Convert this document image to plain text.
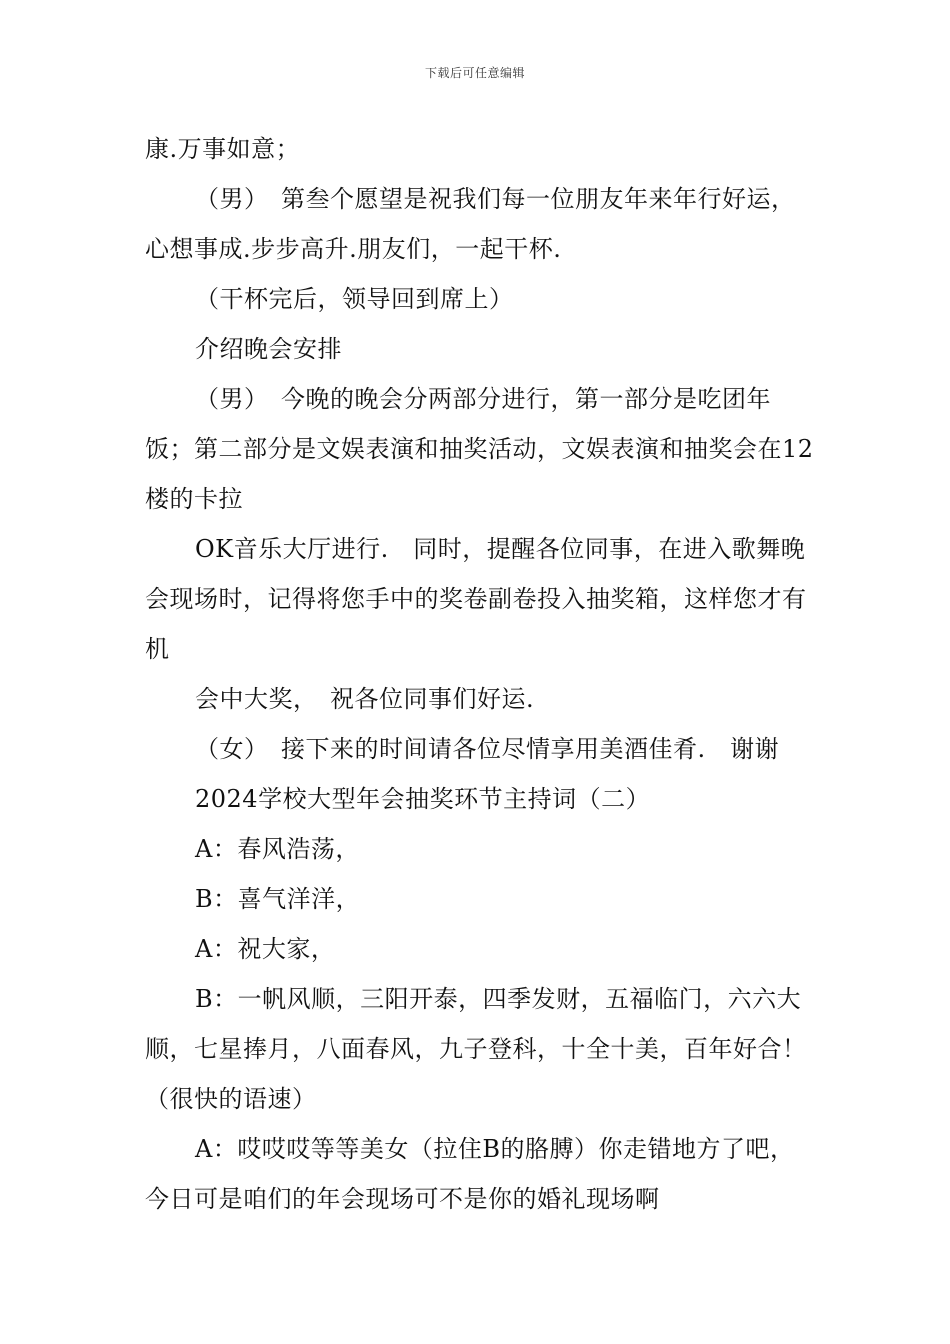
下载后可任意编辑

康.万事如意；

（男）　第叁个愿望是祝我们每一位朋友年来年行好运，心想事成.步步高升.朋友们，一起干杯.

（干杯完后，领导回到席上）

介绍晚会安排

（男）　今晚的晚会分两部分进行，第一部分是吃团年饭；第二部分是文娱表演和抽奖活动，文娱表演和抽奖会在12楼的卡拉

OK音乐大厅进行.　同时，提醒各位同事，在进入歌舞晚会现场时，记得将您手中的奖卷副卷投入抽奖箱，这样您才有机

会中大奖，　祝各位同事们好运.

（女）　接下来的时间请各位尽情享用美酒佳肴.　谢谢

2024学校大型年会抽奖环节主持词（二）

A：春风浩荡，

B：喜气洋洋，

A：祝大家，

B：一帆风顺，三阳开泰，四季发财，五福临门，六六大顺，七星捧月，八面春风，九子登科，十全十美，百年好合！（很快的语速）

A：哎哎哎等等美女（拉住B的胳膊）你走错地方了吧，今日可是咱们的年会现场可不是你的婚礼现场啊
